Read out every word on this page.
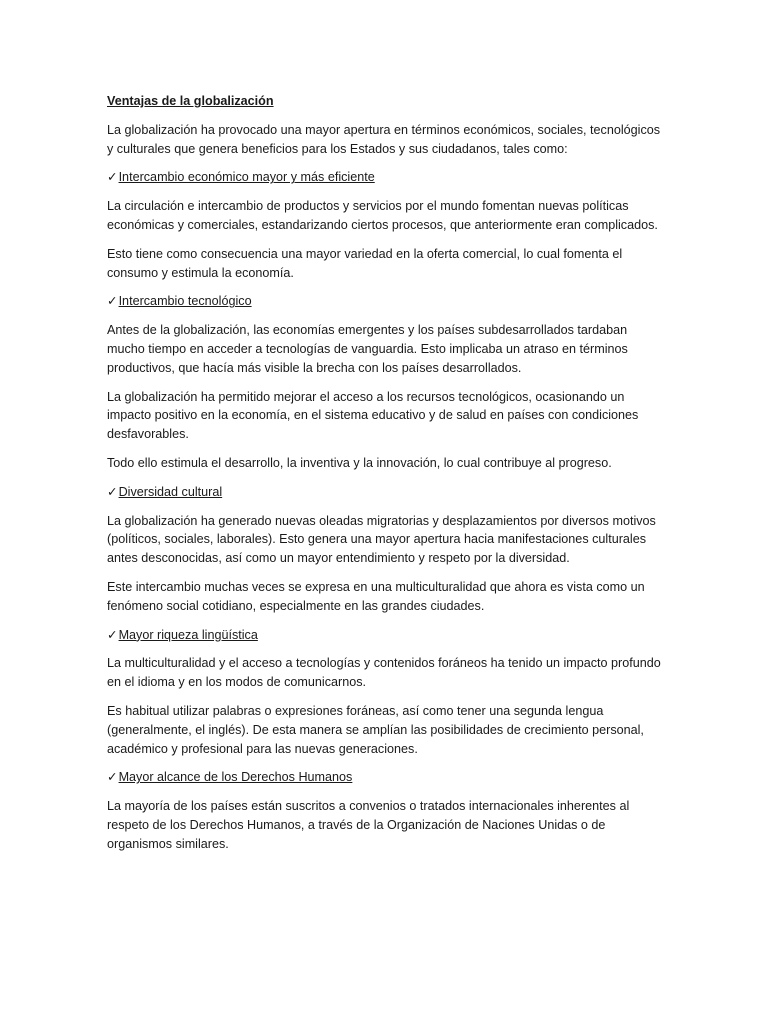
Ventajas de la globalización

La globalización ha provocado una mayor apertura en términos económicos, sociales, tecnológicos y culturales que genera beneficios para los Estados y sus ciudadanos, tales como:

✓Intercambio económico mayor y más eficiente

La circulación e intercambio de productos y servicios por el mundo fomentan nuevas políticas económicas y comerciales, estandarizando ciertos procesos, que anteriormente eran complicados.

Esto tiene como consecuencia una mayor variedad en la oferta comercial, lo cual fomenta el consumo y estimula la economía.

✓Intercambio tecnológico

Antes de la globalización, las economías emergentes y los países subdesarrollados tardaban mucho tiempo en acceder a tecnologías de vanguardia. Esto implicaba un atraso en términos productivos, que hacía más visible la brecha con los países desarrollados.

La globalización ha permitido mejorar el acceso a los recursos tecnológicos, ocasionando un impacto positivo en la economía, en el sistema educativo y de salud en países con condiciones desfavorables.

Todo ello estimula el desarrollo, la inventiva y la innovación, lo cual contribuye al progreso.

✓Diversidad cultural

La globalización ha generado nuevas oleadas migratorias y desplazamientos por diversos motivos (políticos, sociales, laborales). Esto genera una mayor apertura hacia manifestaciones culturales antes desconocidas, así como un mayor entendimiento y respeto por la diversidad.

Este intercambio muchas veces se expresa en una multiculturalidad que ahora es vista como un fenómeno social cotidiano, especialmente en las grandes ciudades.

✓Mayor riqueza lingüística

La multiculturalidad y el acceso a tecnologías y contenidos foráneos ha tenido un impacto profundo en el idioma y en los modos de comunicarnos.

Es habitual utilizar palabras o expresiones foráneas, así como tener una segunda lengua (generalmente, el inglés). De esta manera se amplían las posibilidades de crecimiento personal, académico y profesional para las nuevas generaciones.

✓Mayor alcance de los Derechos Humanos

La mayoría de los países están suscritos a convenios o tratados internacionales inherentes al respeto de los Derechos Humanos, a través de la Organización de Naciones Unidas o de organismos similares.
